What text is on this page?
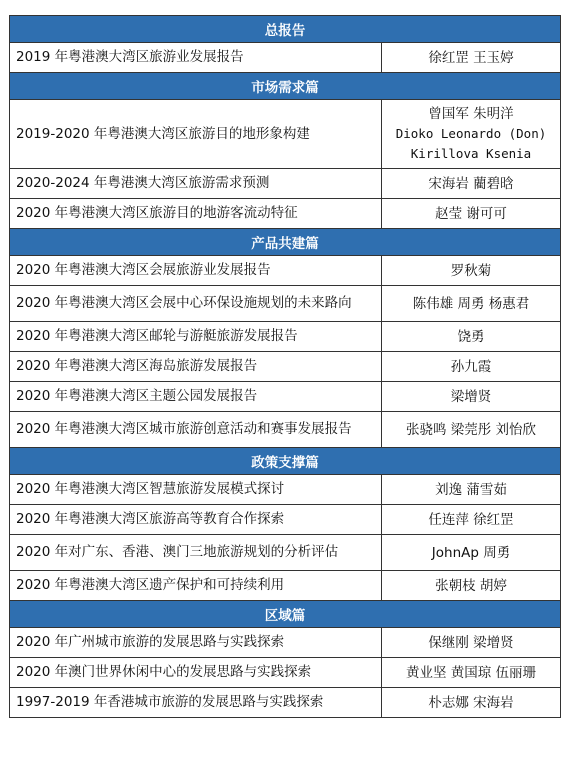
总报告	
2019 年粤港澳大湾区旅游业发展报告	徐红罡 王玉婷

市场需求篇	
2019-2020 年粤港澳大湾区旅游目的地形象构建	曾国军 朱明洋
Dioko Leonardo (Don)
Kirillova Ksenia

2020-2024 年粤港澳大湾区旅游需求预测	宋海岩 藺碧晗

2020 年粤港澳大湾区旅游目的地游客流动特征	赵莹 谢可可

产品共建篇	
2020 年粤港澳大湾区会展旅游业发展报告	罗秋菊

2020 年粤港澳大湾区会展中心环保设施规划的未来路向	陈伟雄 周勇 杨惠君

2020 年粤港澳大湾区邮轮与游艇旅游发展报告	饶勇

2020 年粤港澳大湾区海岛旅游发展报告	孙九霞

2020 年粤港澳大湾区主题公园发展报告	梁增贤

2020 年粤港澳大湾区城市旅游创意活动和赛事发展报告	张骁鸣 梁莞彤 刘怡欣

政策支撑篇	
2020 年粤港澳大湾区智慧旅游发展模式探讨	刘逸 蒲雪茹

2020 年粤港澳大湾区旅游高等教育合作探索	任连萍 徐红罡

2020 年对广东、香港、澳门三地旅游规划的分析评估	JohnAp 周勇

2020 年粤港澳大湾区遗产保护和可持续利用	张朝枝 胡婷

区域篇	
2020 年广州城市旅游的发展思路与实践探索	保继刚 梁增贤

2020 年澳门世界休闲中心的发展思路与实践探索	黄业坚 黄国琼 伍丽珊

1997-2019 年香港城市旅游的发展思路与实践探索	朴志娜 宋海岩
